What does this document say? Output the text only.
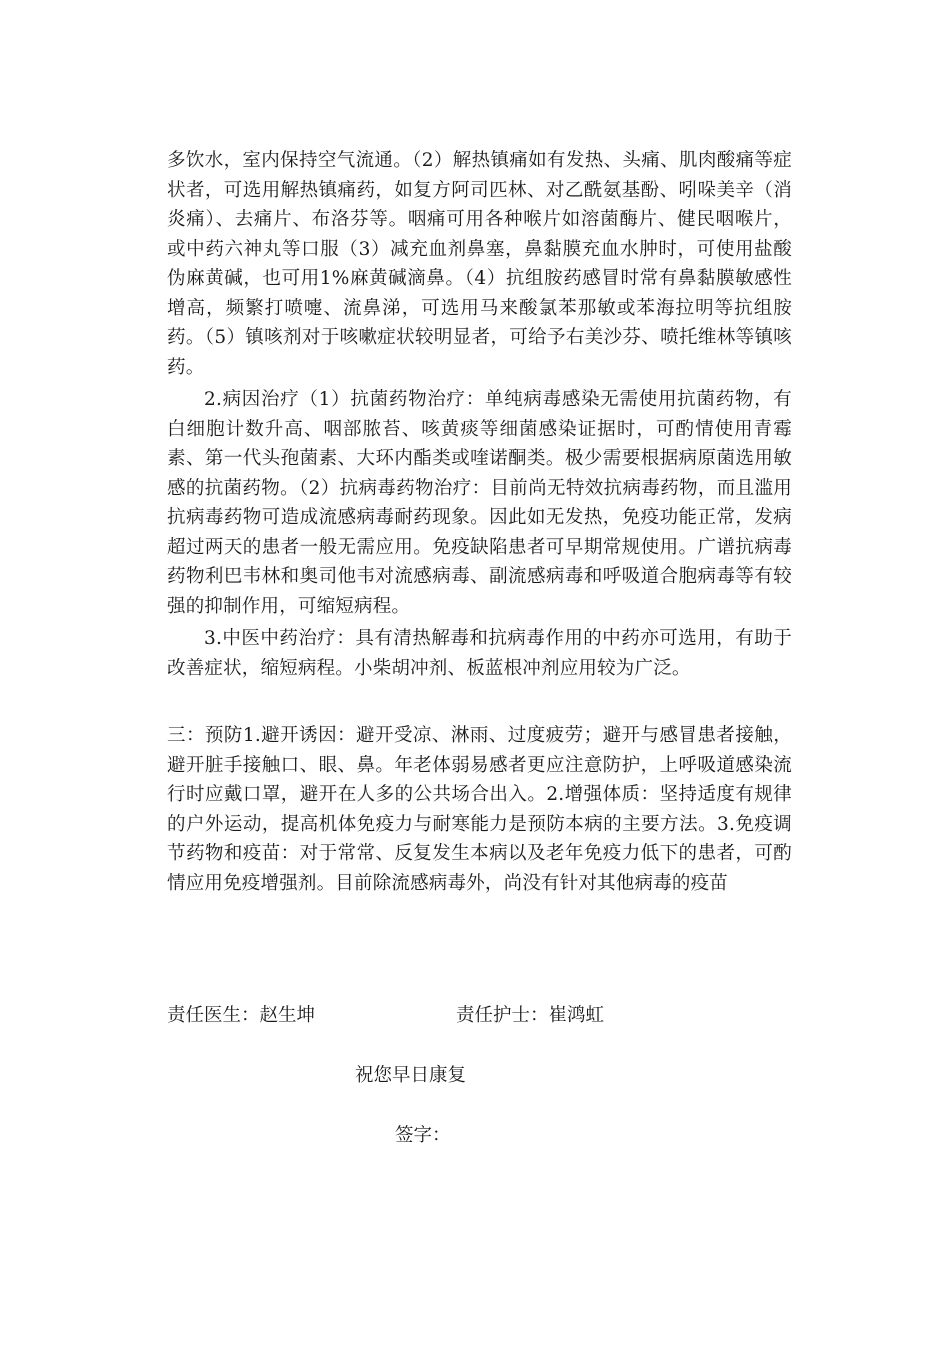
多饮水，室内保持空气流通。（2）解热镇痛如有发热、头痛、肌肉酸痛等症状者，可选用解热镇痛药，如复方阿司匹林、对乙酰氨基酚、吲哚美辛（消炎痛）、去痛片、布洛芬等。咽痛可用各种喉片如溶菌酶片、健民咽喉片，或中药六神丸等口服（3）减充血剂鼻塞，鼻黏膜充血水肿时，可使用盐酸伪麻黄碱，也可用1%麻黄碱滴鼻。（4）抗组胺药感冒时常有鼻黏膜敏感性增高，频繁打喷嚏、流鼻涕，可选用马来酸氯苯那敏或苯海拉明等抗组胺药。（5）镇咳剂对于咳嗽症状较明显者，可给予右美沙芬、喷托维林等镇咳药。

2.病因治疗（1）抗菌药物治疗：单纯病毒感染无需使用抗菌药物，有白细胞计数升高、咽部脓苔、咳黄痰等细菌感染证据时，可酌情使用青霉素、第一代头孢菌素、大环内酯类或喹诺酮类。极少需要根据病原菌选用敏感的抗菌药物。（2）抗病毒药物治疗：目前尚无特效抗病毒药物，而且滥用抗病毒药物可造成流感病毒耐药现象。因此如无发热，免疫功能正常，发病超过两天的患者一般无需应用。免疫缺陷患者可早期常规使用。广谱抗病毒药物利巴韦林和奥司他韦对流感病毒、副流感病毒和呼吸道合胞病毒等有较强的抑制作用，可缩短病程。

3.中医中药治疗：具有清热解毒和抗病毒作用的中药亦可选用，有助于改善症状，缩短病程。小柴胡冲剂、板蓝根冲剂应用较为广泛。

三：预防1.避开诱因：避开受凉、淋雨、过度疲劳；避开与感冒患者接触，避开脏手接触口、眼、鼻。年老体弱易感者更应注意防护，上呼吸道感染流行时应戴口罩，避开在人多的公共场合出入。2.增强体质：坚持适度有规律的户外运动，提高机体免疫力与耐寒能力是预防本病的主要方法。3.免疫调节药物和疫苗：对于常常、反复发生本病以及老年免疫力低下的患者，可酌情应用免疫增强剂。目前除流感病毒外，尚没有针对其他病毒的疫苗

责任医生：赵生坤	责任护士：崔鸿虹
祝您早日康复
签字：
